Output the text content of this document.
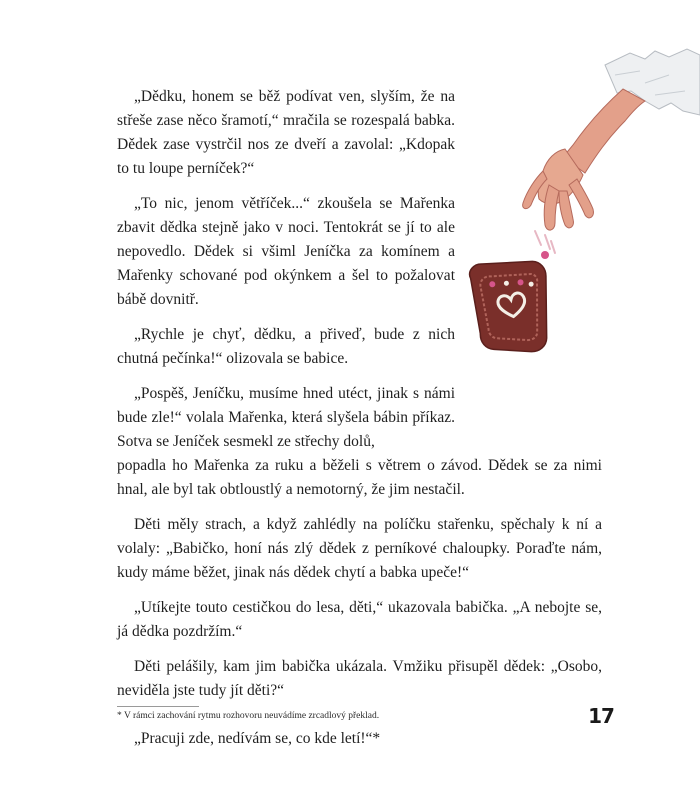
„Dědku, honem se běž podívat ven, slyším, že na střeše zase něco šramotí,“ mračila se rozespalá babka. Dědek zase vystrčil nos ze dveří a zavolal: „Kdopak to tu loupe perníček?“

„To nic, jenom větříček...“ zkoušela se Mařenka zbavit dědka stejně jako v noci. Tentokrát se jí to ale nepovedlo. Dědek si všiml Jeníčka za komínem a Mařenky schované pod okýnkem a šel to požalovat bábě dovnitř.

„Rychle je chyť, dědku, a přiveď, bude z nich chutná pečínka!“ olizovala se babice.

„Pospěš, Jeníčku, musíme hned utéct, jinak s námi bude zle!“ volala Mařenka, která slyšela bábin příkaz. Sotva se Jeníček sesmekl ze střechy dolů,

popadla ho Mařenka za ruku a běželi s větrem o závod. Dědek se za nimi hnal, ale byl tak obtloustlý a nemotorný, že jim nestačil.

Děti měly strach, a když zahlédly na políčku stařenku, spěchaly k ní a volaly: „Babičko, honí nás zlý dědek z perníkové chaloupky. Poraďte nám, kudy máme běžet, jinak nás dědek chytí a babka upeče!“

„Utíkejte touto cestičkou do lesa, děti,“ ukazovala babička. „A nebojte se, já dědka pozdržím.“

Děti pelášily, kam jim babička ukázala. Vmžiku přisupěl dědek: „Osobo, neviděla jste tudy jít děti?“

„Pracuji zde, nedívám se, co kde letí!“*

* V rámci zachování rytmu rozhovoru neuvádíme zrcadlový překlad.	17
